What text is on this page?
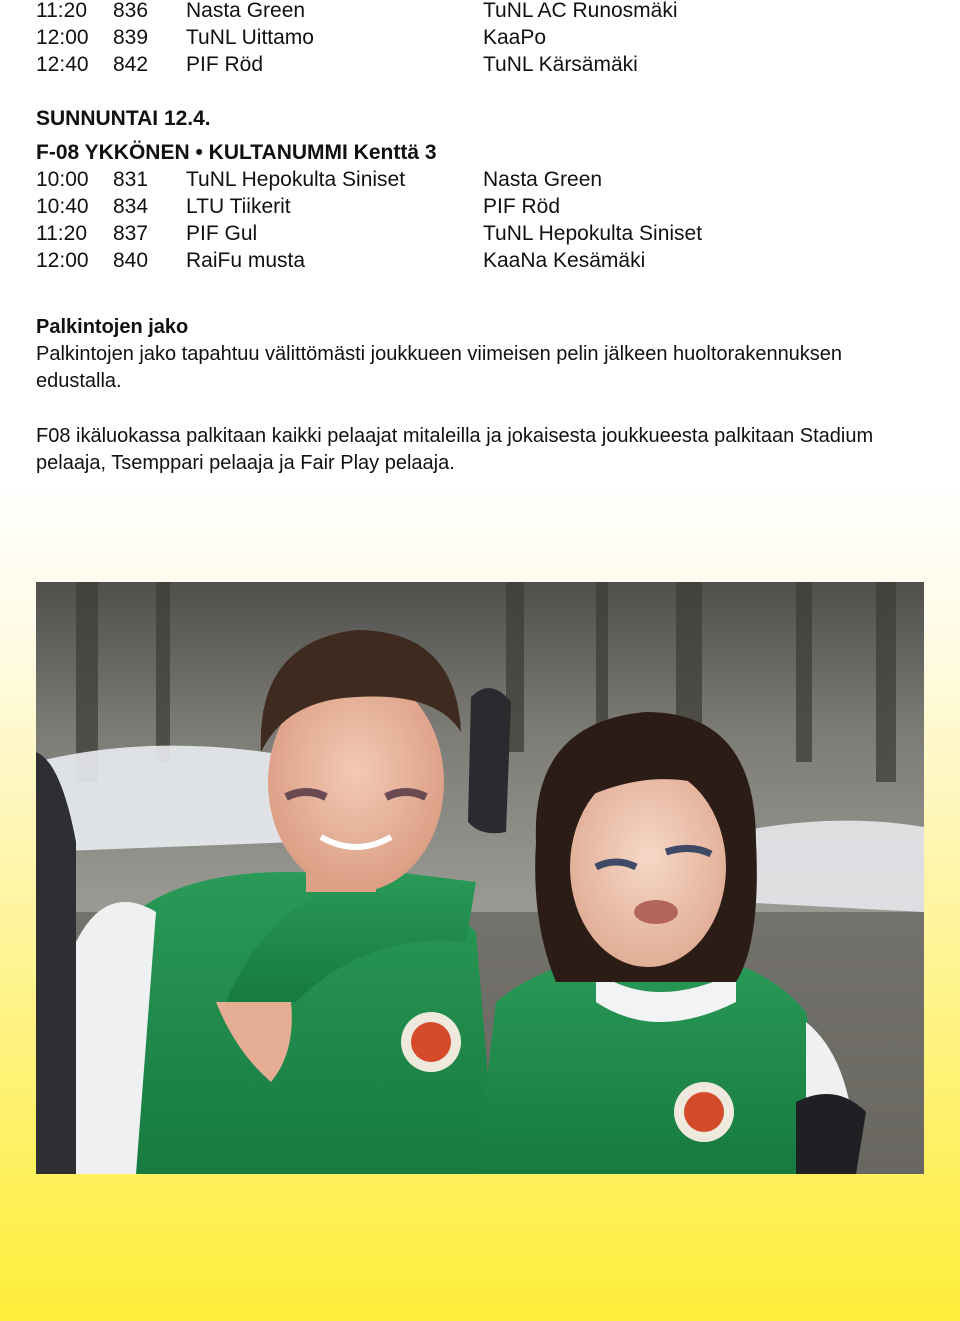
11:20 836 Nasta Green	TuNL AC Runosmäki
12:00 839 TuNL Uittamo	KaaPo
12:40 842 PIF Röd	TuNL Kärsämäki
SUNNUNTAI 12.4.
F-08 YKKÖNEN • KULTANUMMI Kenttä 3
10:00 831 TuNL Hepokulta Siniset	Nasta Green
10:40 834 LTU Tiikerit	PIF Röd
11:20 837 PIF Gul	TuNL Hepokulta Siniset
12:00 840 RaiFu musta	KaaNa Kesämäki
Palkintojen jako
Palkintojen jako tapahtuu välittömästi joukkueen viimeisen pelin jälkeen huoltorakennuksen edustalla.
F08 ikäluokassa palkitaan kaikki pelaajat mitaleilla ja jokaisesta joukkueesta palkitaan Stadium pelaaja, Tsemppari pelaaja ja Fair Play pelaaja.
